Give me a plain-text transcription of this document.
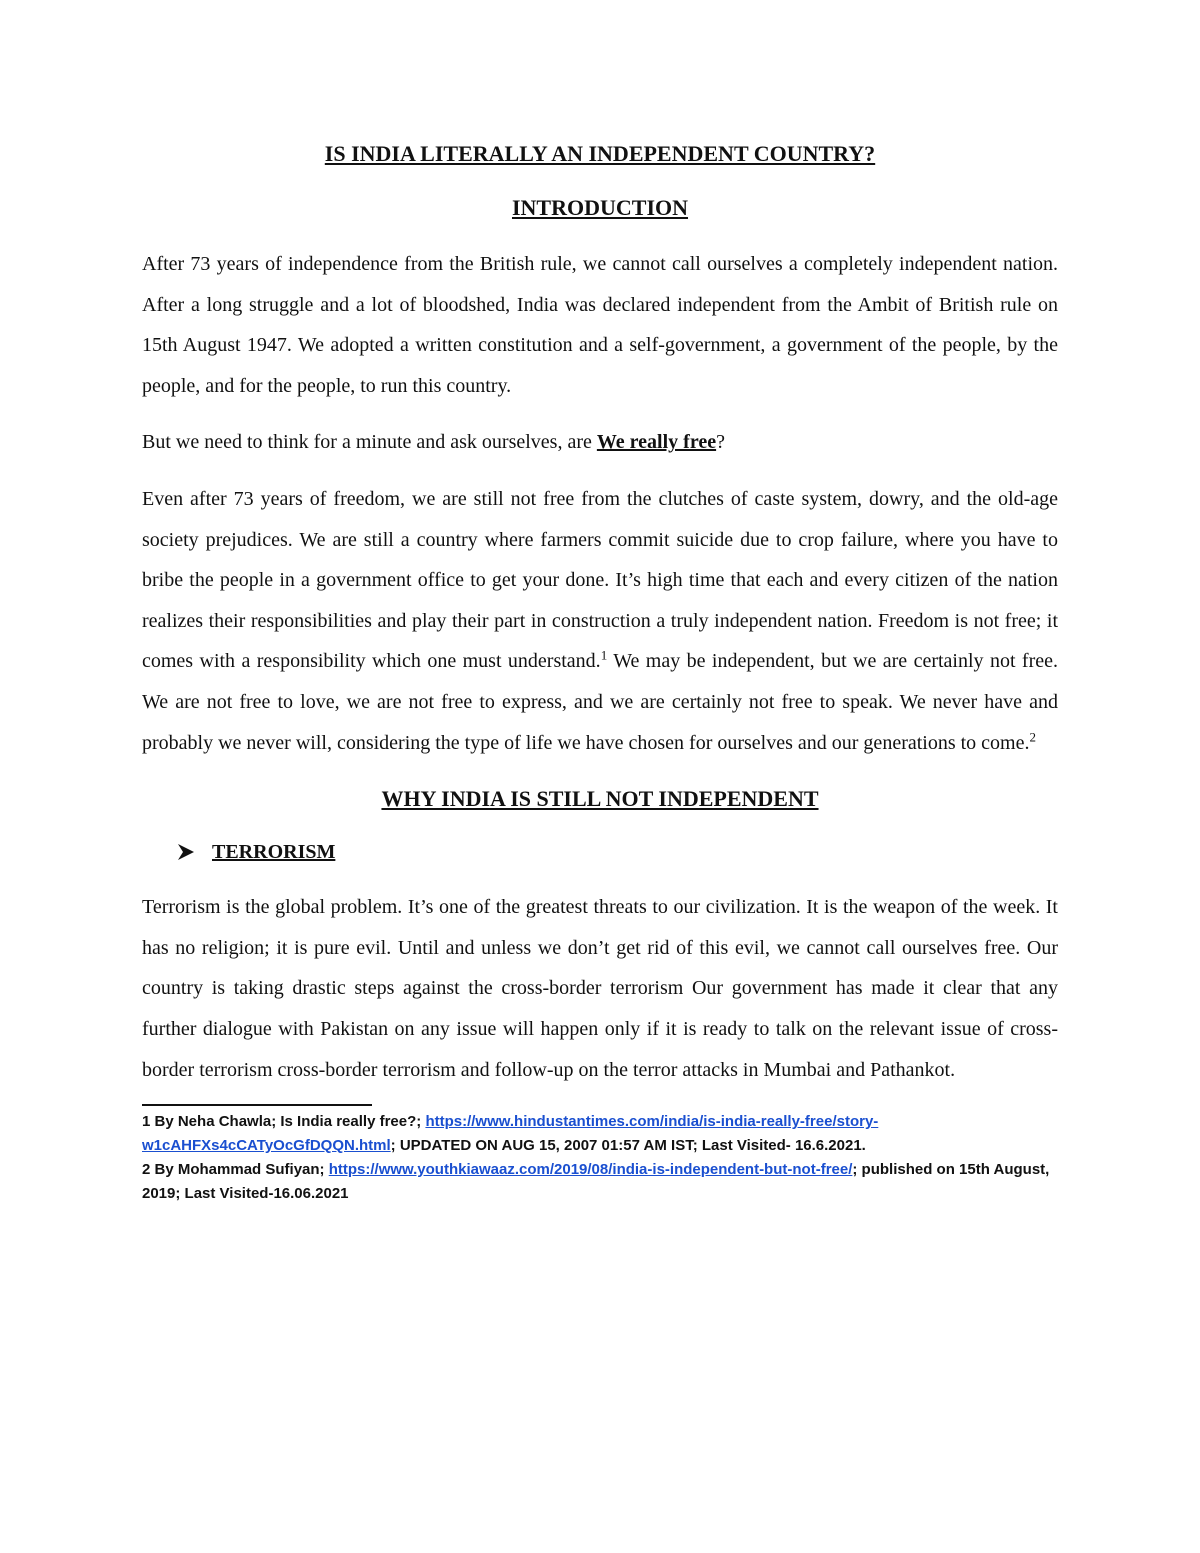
IS INDIA LITERALLY AN INDEPENDENT COUNTRY?
INTRODUCTION

After 73 years of independence from the British rule, we cannot call ourselves a completely independent nation. After a long struggle and a lot of bloodshed, India was declared independent from the Ambit of British rule on 15th August 1947. We adopted a written constitution and a self-government, a government of the people, by the people, and for the people, to run this country.

But we need to think for a minute and ask ourselves, are We really free?

Even after 73 years of freedom, we are still not free from the clutches of caste system, dowry, and the old-age society prejudices. We are still a country where farmers commit suicide due to crop failure, where you have to bribe the people in a government office to get your done. It’s high time that each and every citizen of the nation realizes their responsibilities and play their part in construction a truly independent nation. Freedom is not free; it comes with a responsibility which one must understand.$^1$ We may be independent, but we are certainly not free. We are not free to love, we are not free to express, and we are certainly not free to speak. We never have and probably we never will, considering the type of life we have chosen for ourselves and our generations to come.$^2$

WHY INDIA IS STILL NOT INDEPENDENT
TERRORISM

Terrorism is the global problem. It’s one of the greatest threats to our civilization. It is the weapon of the week. It has no religion; it is pure evil. Until and unless we don’t get rid of this evil, we cannot call ourselves free. Our country is taking drastic steps against the cross-border terrorism Our government has made it clear that any further dialogue with Pakistan on any issue will happen only if it is ready to talk on the relevant issue of cross-border terrorism cross-border terrorism and follow-up on the terror attacks in Mumbai and Pathankot.

1 By Neha Chawla; Is India really free?; https://www.hindustantimes.com/india/is-india-really-free/story-w1cAHFXs4cCATyOcGfDQQN.html; UPDATED ON AUG 15, 2007 01:57 AM IST; Last Visited- 16.6.2021.
2 By Mohammad Sufiyan; https://www.youthkiawaaz.com/2019/08/india-is-independent-but-not-free/; published on 15th August, 2019; Last Visited-16.06.2021
